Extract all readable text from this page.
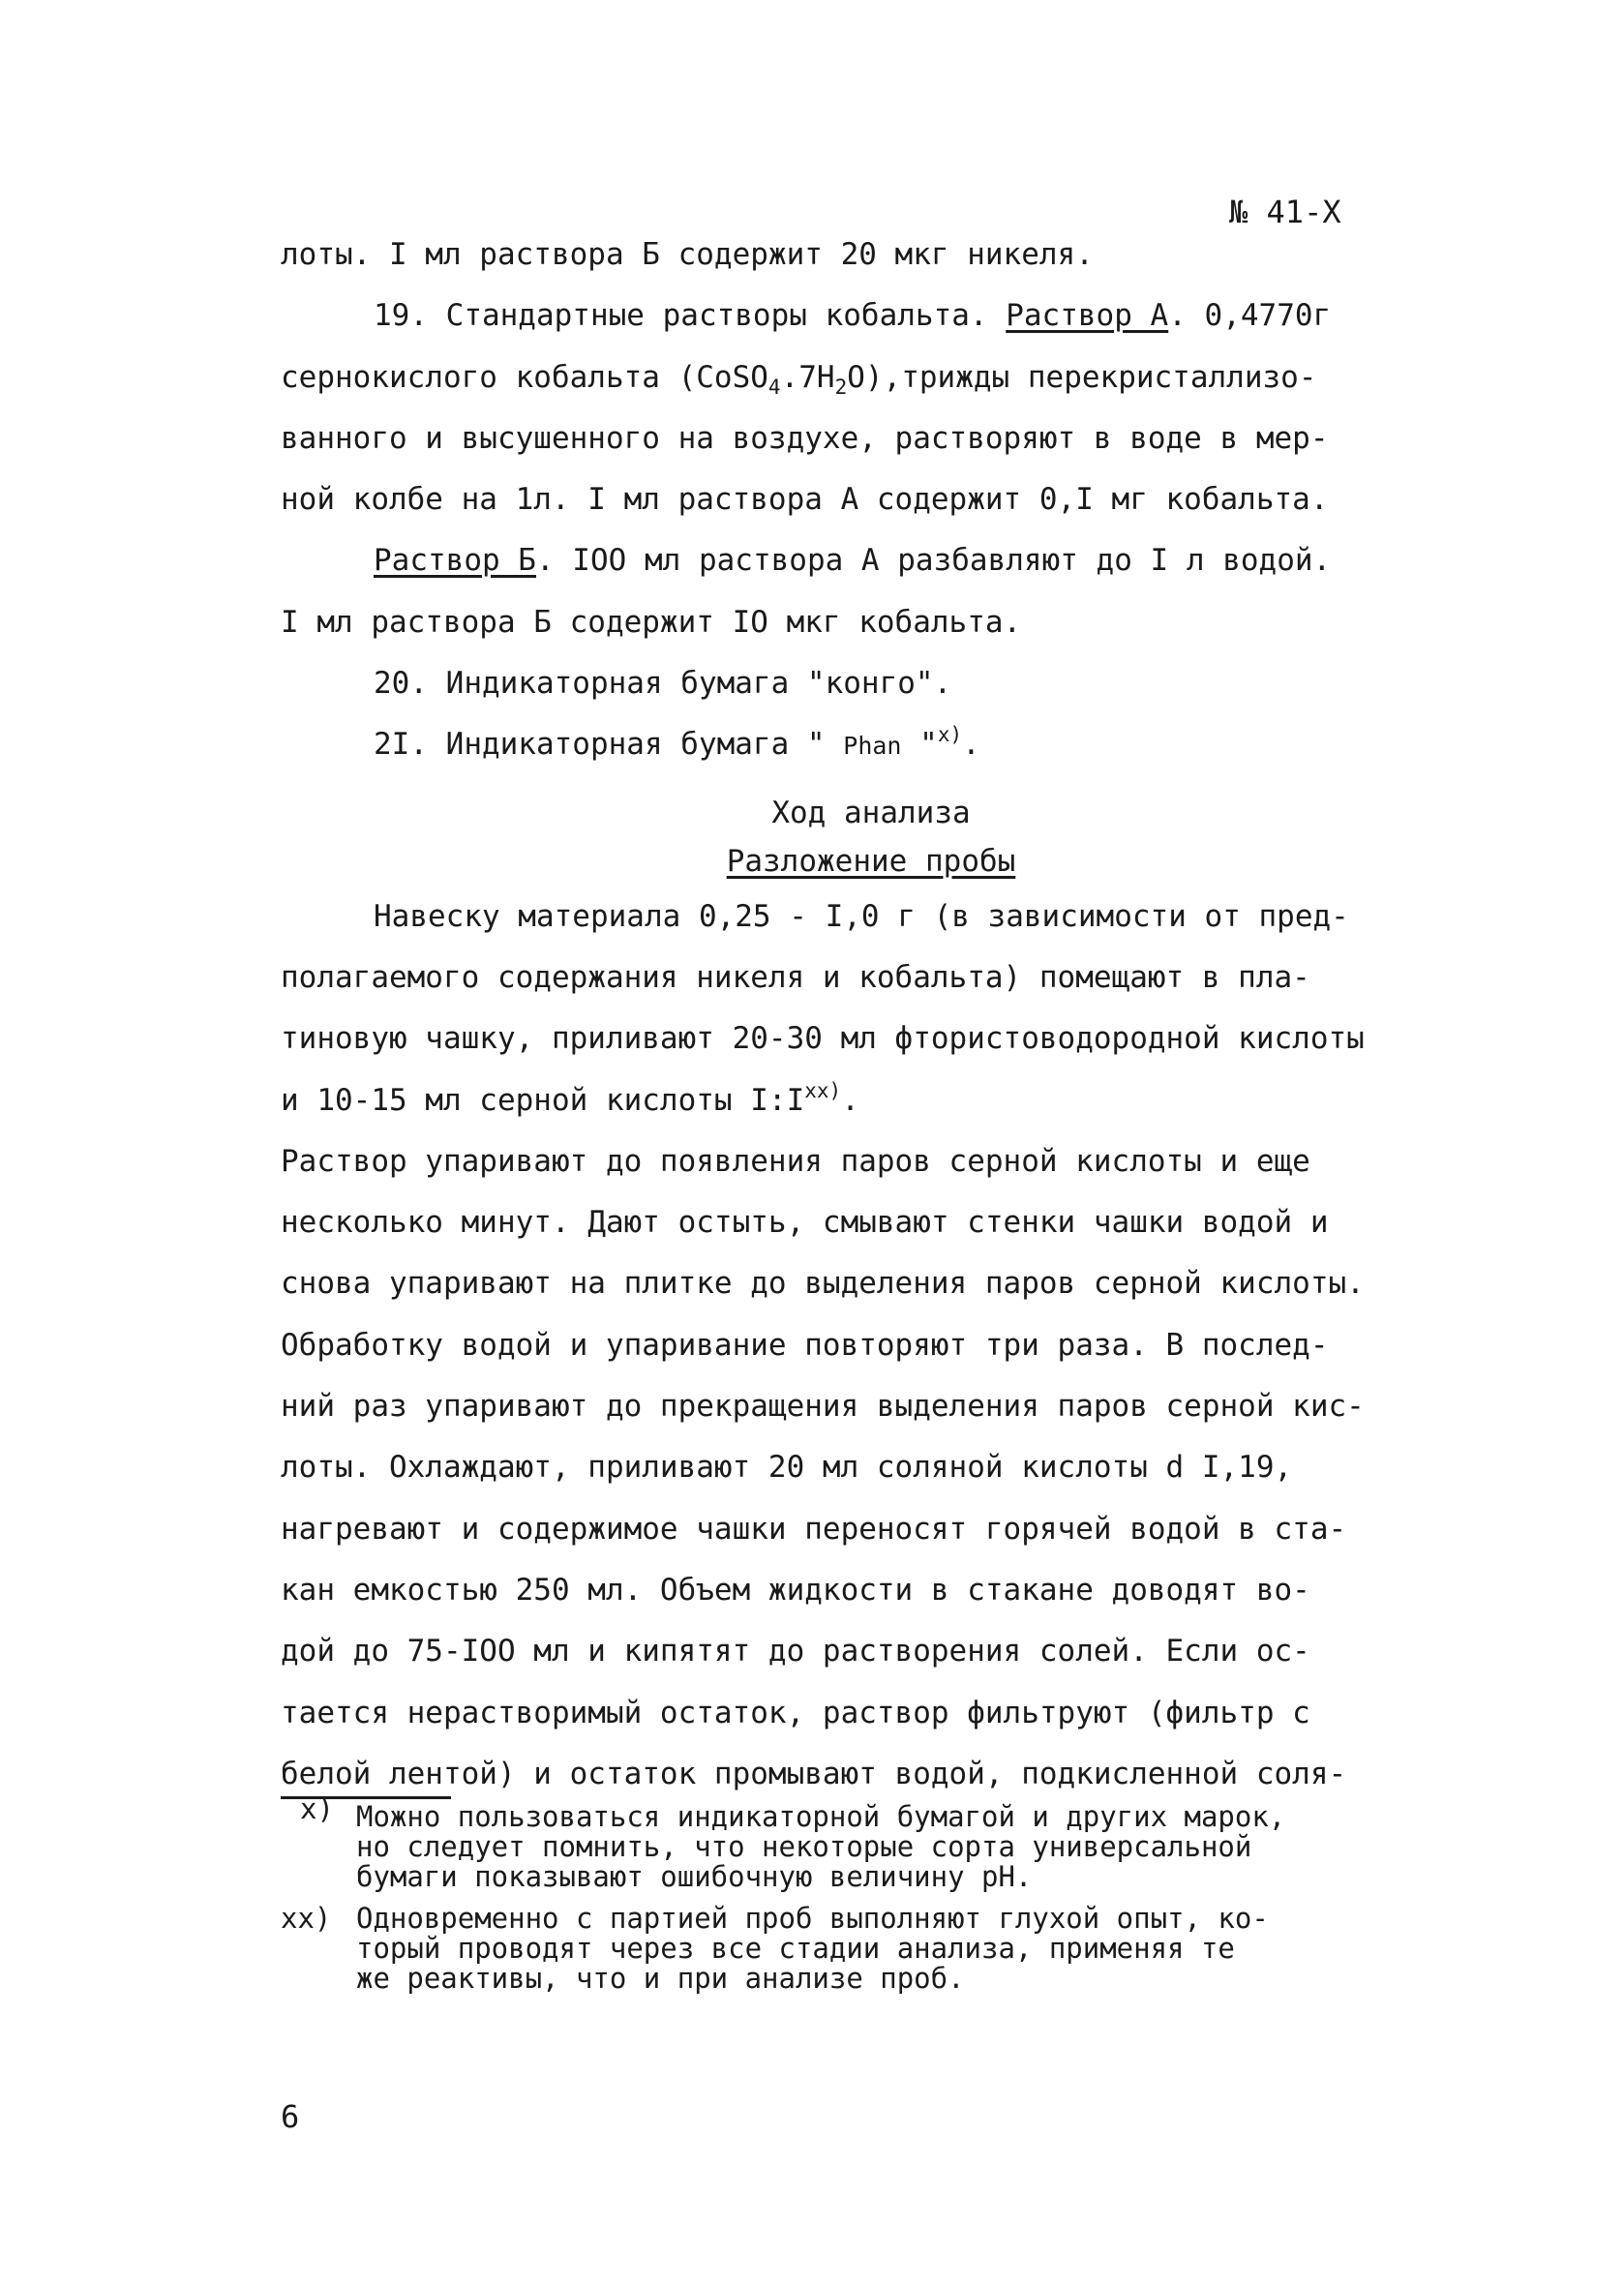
№ 41-Х
лоты. I мл раствора Б содержит 20 мкг никеля.
19. Стандартные растворы кобальта. Раствор А. 0,4770г
сернокислого кобальта $(CoSO_4.7H_2O),трижды$ перекристаллизо-
ванного и высушенного на воздухе, растворяют в воде в мер-
ной колбе на 1л. I мл раствора А содержит 0,I мг кобальта.
Раствор Б. IOO мл раствора А разбавляют до I л водой.
I мл раствора Б содержит IO мкг кобальта.
20. Индикаторная бумага "конго".
2I. Индикаторная бумага " Phan "$^{x)}$.
Ход анализа
Разложение пробы
Навеску материала 0,25 - I,0 г (в зависимости от пред-
полагаемого содержания никеля и кобальта) помещают в пла-
тиновую чашку, приливают 20-30 мл фтористоводородной кислоты
и 10-15 мл серной кислоты $I:I^{xx)}$.
Раствор упаривают до появления паров серной кислоты и еще
несколько минут. Дают остыть, смывают стенки чашки водой и
снова упаривают на плитке до выделения паров серной кислоты.
Обработку водой и упаривание повторяют три раза. В послед-
ний раз упаривают до прекращения выделения паров серной кис-
лоты. Охлаждают, приливают 20 мл соляной кислоты d I,19,
нагревают и содержимое чашки переносят горячей водой в ста-
кан емкостью 250 мл. Объем жидкости в стакане доводят во-
дой до 75-IOO мл и кипятят до растворения солей. Если ос-
тается нерастворимый остаток, раствор фильтруют (фильтр с
белой лентой) и остаток промывают водой, подкисленной соля-
x) Можно пользоваться индикаторной бумагой и других марок,
но следует помнить, что некоторые сорта универсальной
бумаги показывают ошибочную величину pH.
xx) Одновременно с партией проб выполняют глухой опыт, ко-
торый проводят через все стадии анализа, применяя те
же реактивы, что и при анализе проб.
6
